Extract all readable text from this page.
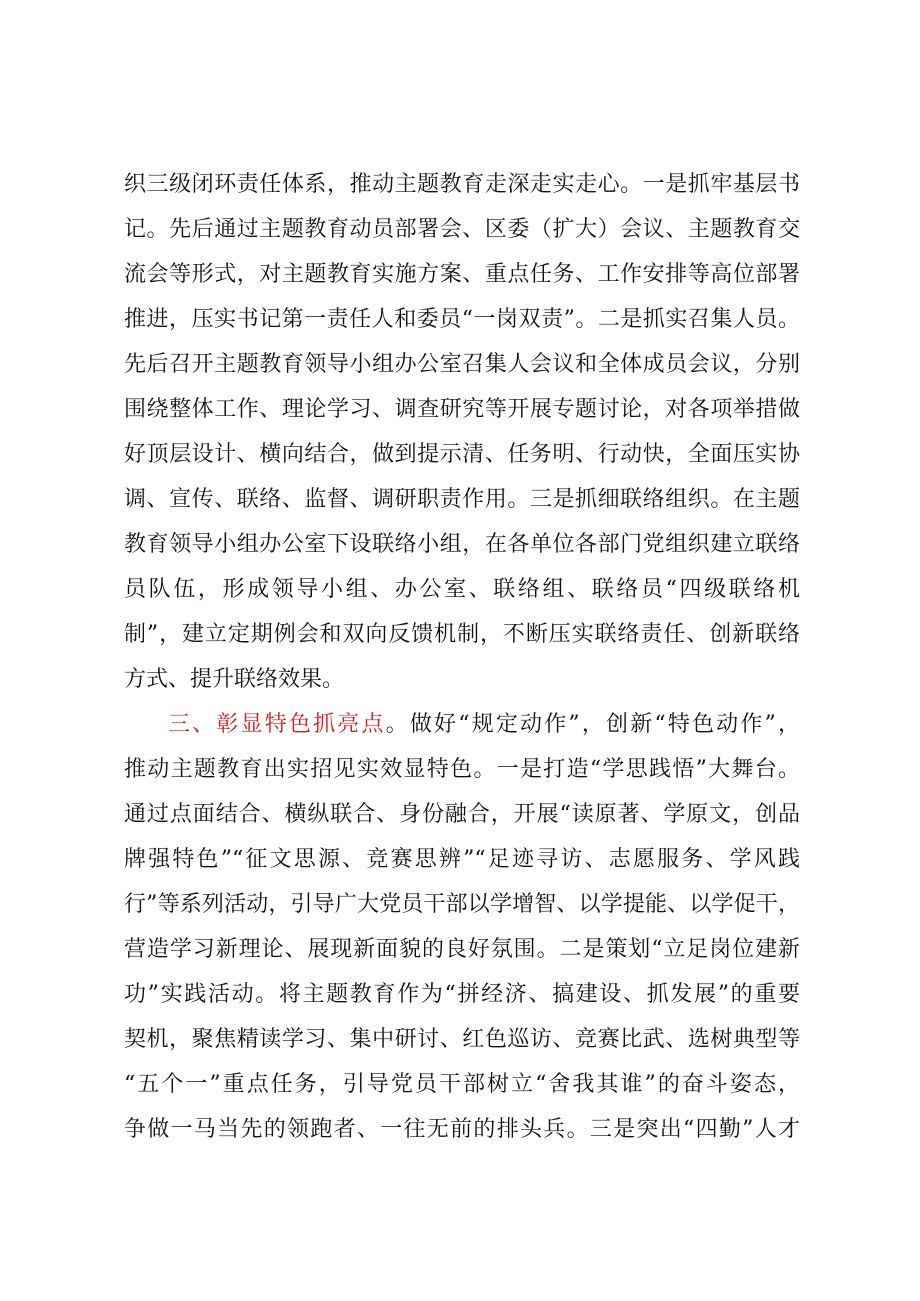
织三级闭环责任体系，推动主题教育走深走实走心。一是抓牢基层书
记。先后通过主题教育动员部署会、区委（扩大）会议、主题教育交
流会等形式，对主题教育实施方案、重点任务、工作安排等高位部署
推进，压实书记第一责任人和委员“一岗双责”。二是抓实召集人员。
先后召开主题教育领导小组办公室召集人会议和全体成员会议，分别
围绕整体工作、理论学习、调查研究等开展专题讨论，对各项举措做
好顶层设计、横向结合，做到提示清、任务明、行动快，全面压实协
调、宣传、联络、监督、调研职责作用。三是抓细联络组织。在主题
教育领导小组办公室下设联络小组，在各单位各部门党组织建立联络
员队伍，形成领导小组、办公室、联络组、联络员“四级联络机
制”，建立定期例会和双向反馈机制，不断压实联络责任、创新联络
方式、提升联络效果。
三、彰显特色抓亮点。做好“规定动作”，创新“特色动作”，
推动主题教育出实招见实效显特色。一是打造“学思践悟”大舞台。
通过点面结合、横纵联合、身份融合，开展“读原著、学原文，创品
牌强特色”“征文思源、竞赛思辨”“足迹寻访、志愿服务、学风践
行”等系列活动，引导广大党员干部以学增智、以学提能、以学促干，
营造学习新理论、展现新面貌的良好氛围。二是策划“立足岗位建新
功”实践活动。将主题教育作为“拼经济、搞建设、抓发展”的重要
契机，聚焦精读学习、集中研讨、红色巡访、竞赛比武、选树典型等
“五个一”重点任务，引导党员干部树立“舍我其谁”的奋斗姿态，
争做一马当先的领跑者、一往无前的排头兵。三是突出“四勤”人才
